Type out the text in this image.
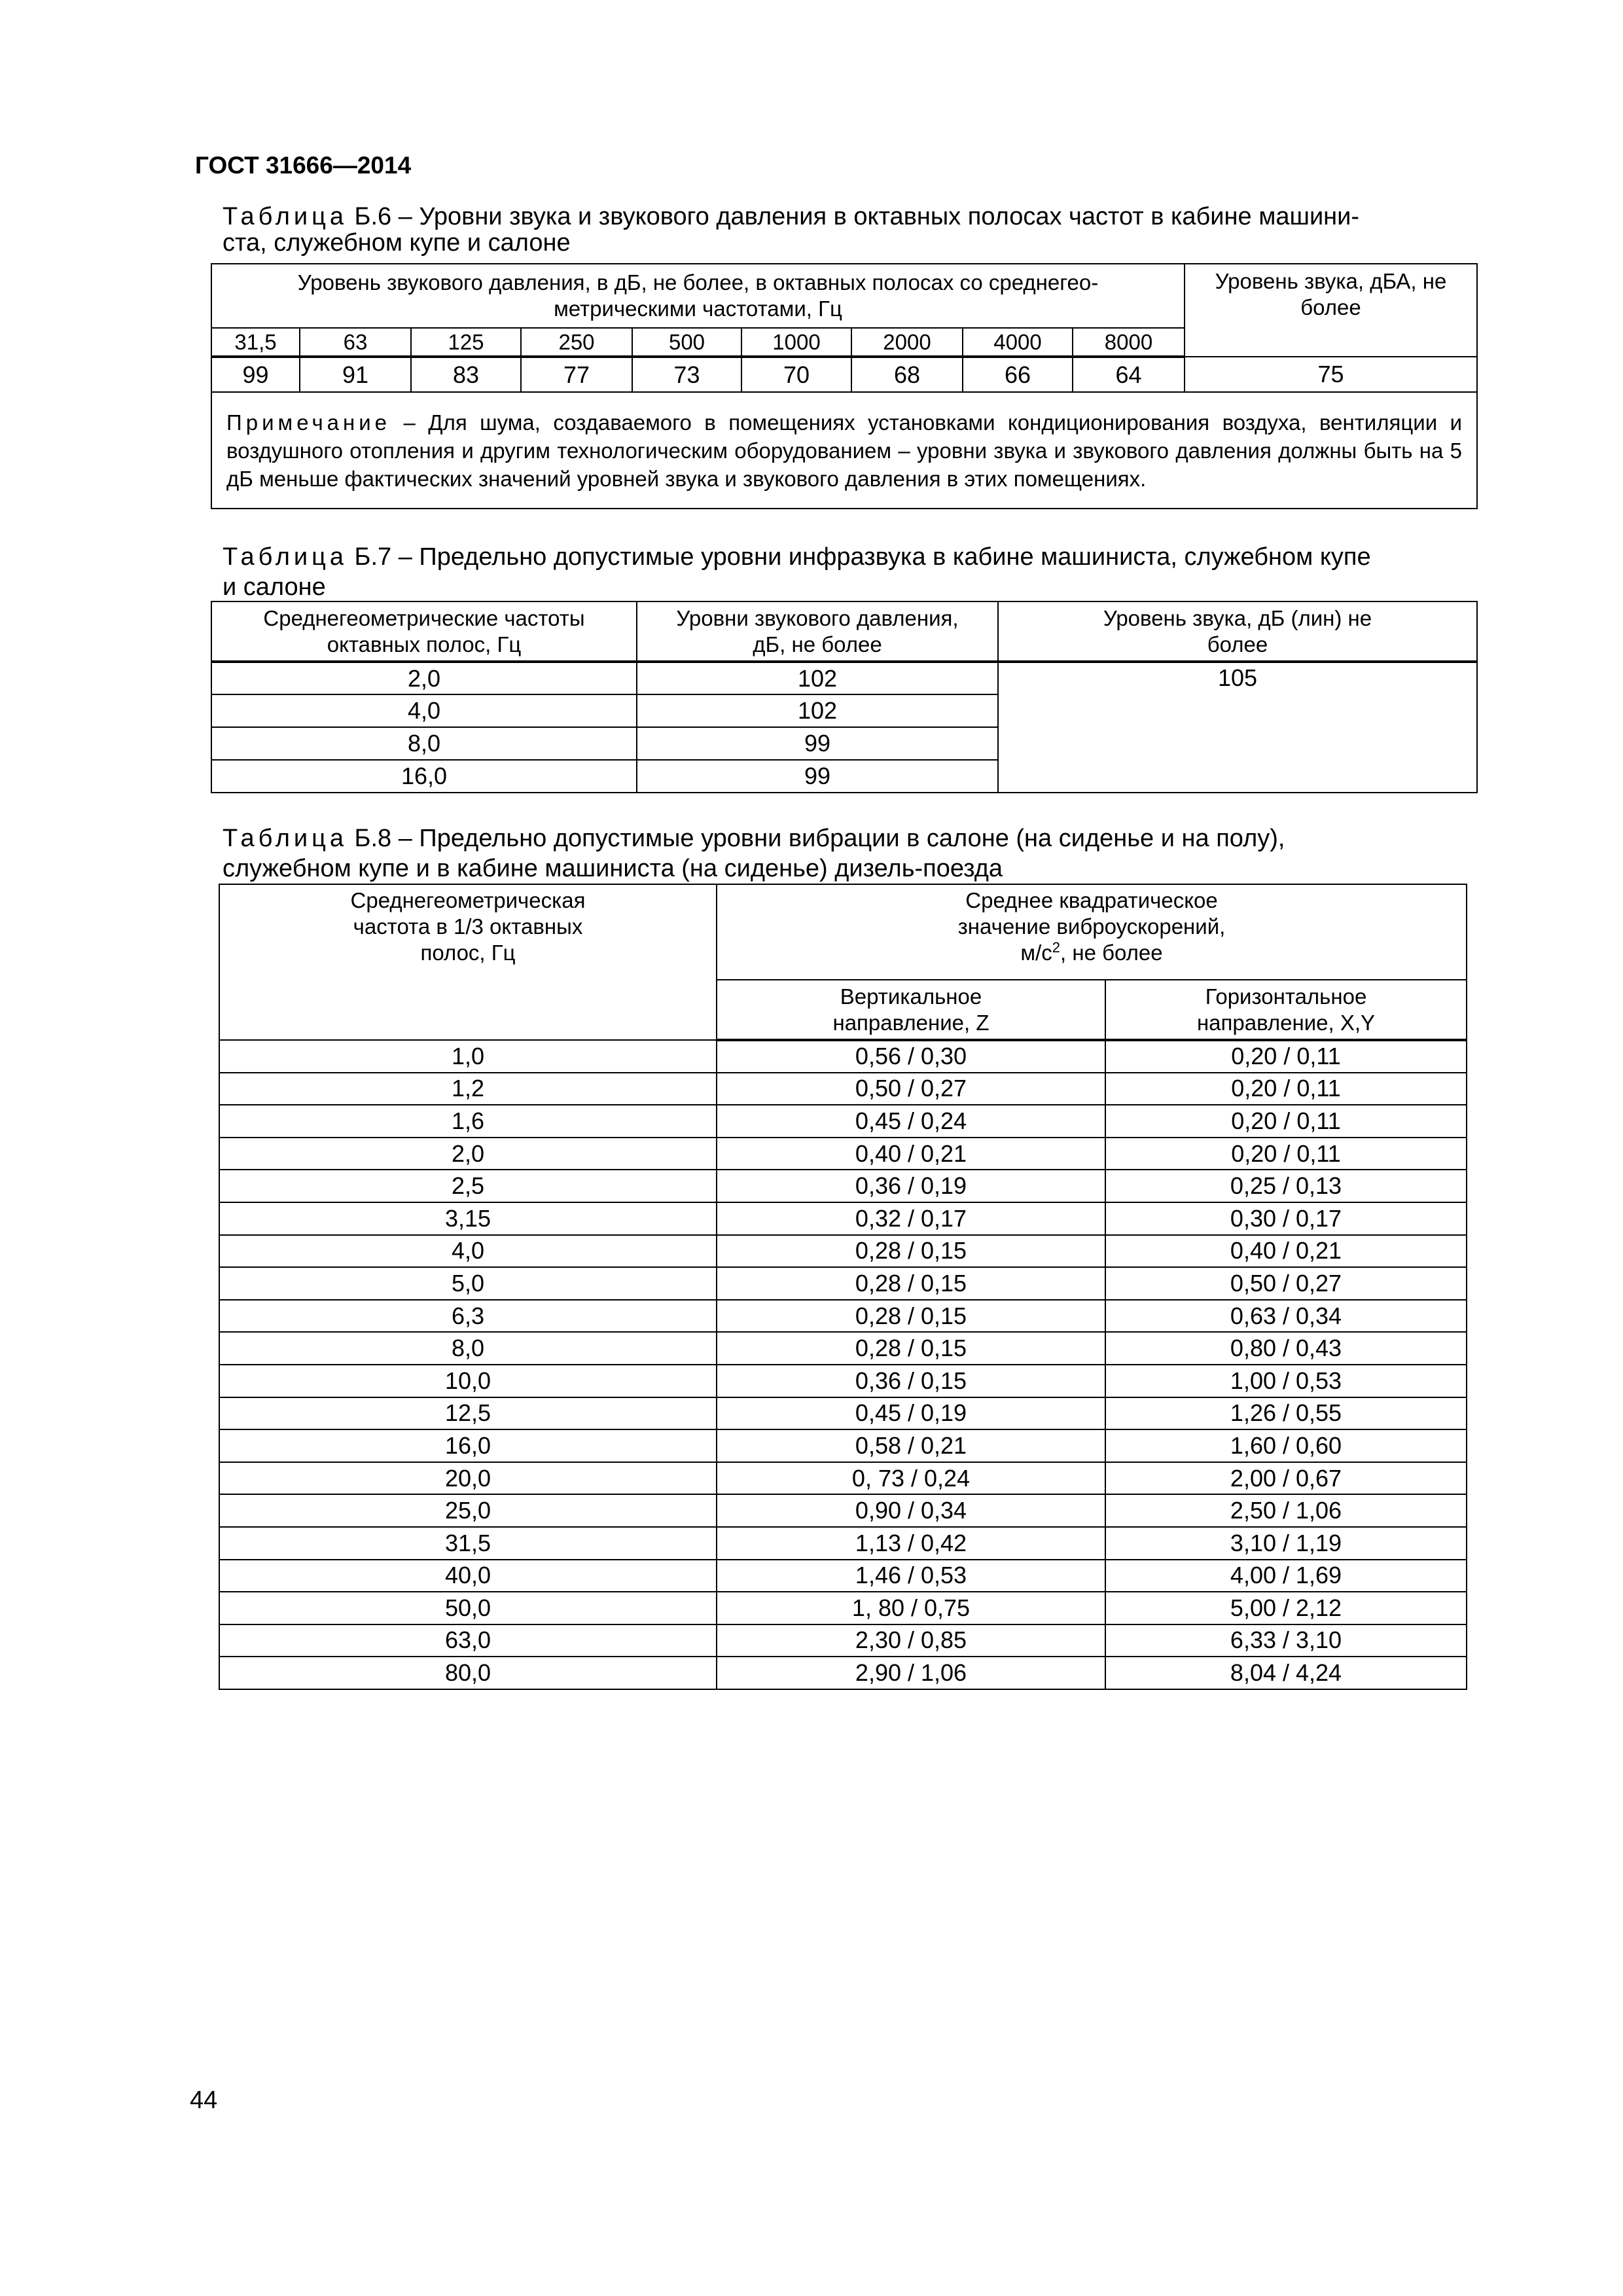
ГОСТ 31666—2014
Таблица Б.6 – Уровни звука и звукового давления в октавных полосах частот в кабине машини-
ста, служебном купе и салоне
Уровень звукового давления, в дБ, не более, в октавных полосах со среднегео-метрическими частотами, Гц									Уровень звука, дБА, не более
31,5	63	125	250	500	1000	2000	4000	8000	
99	91	83	77	73	70	68	66	64	75
Примечание – Для шума, создаваемого в помещениях установками кондиционирования воздуха, вентиляции и воздушного отопления и другим технологическим оборудованием – уровни звука и звукового давления должны быть на 5 дБ меньше фактических значений уровней звука и звукового давления в этих помещениях.									
Таблица Б.7 – Предельно допустимые уровни инфразвука в кабине машиниста, служебном купе
и салоне
Среднегеометрические частоты октавных полос, Гц	Уровни звукового давления, дБ, не более	Уровень звука, дБ (лин) не более
2,0	102	105
4,0	102	
8,0	99	
16,0	99	
Таблица Б.8 – Предельно допустимые уровни вибрации в салоне (на сиденье и на полу),
служебном купе и в кабине машиниста (на сиденье) дизель-поезда
Среднегеометрическая частота в 1/3 октавных полос, Гц	Среднее квадратическое значение виброускорений, $м/с^2$, не более	
	Вертикальное направление, Z	Горизонтальное направление, X,Y
1,0	0,56 / 0,30	0,20 / 0,11
1,2	0,50 / 0,27	0,20 / 0,11
1,6	0,45 / 0,24	0,20 / 0,11
2,0	0,40 / 0,21	0,20 / 0,11
2,5	0,36 / 0,19	0,25 / 0,13
3,15	0,32 / 0,17	0,30 / 0,17
4,0	0,28 / 0,15	0,40 / 0,21
5,0	0,28 / 0,15	0,50 / 0,27
6,3	0,28 / 0,15	0,63 / 0,34
8,0	0,28 / 0,15	0,80 / 0,43
10,0	0,36 / 0,15	1,00 / 0,53
12,5	0,45 / 0,19	1,26 / 0,55
16,0	0,58 / 0,21	1,60 / 0,60
20,0	0, 73 / 0,24	2,00 / 0,67
25,0	0,90 / 0,34	2,50 / 1,06
31,5	1,13 / 0,42	3,10 / 1,19
40,0	1,46 / 0,53	4,00 / 1,69
50,0	1, 80 / 0,75	5,00 / 2,12
63,0	2,30 / 0,85	6,33 / 3,10
80,0	2,90 / 1,06	8,04 / 4,24
44
